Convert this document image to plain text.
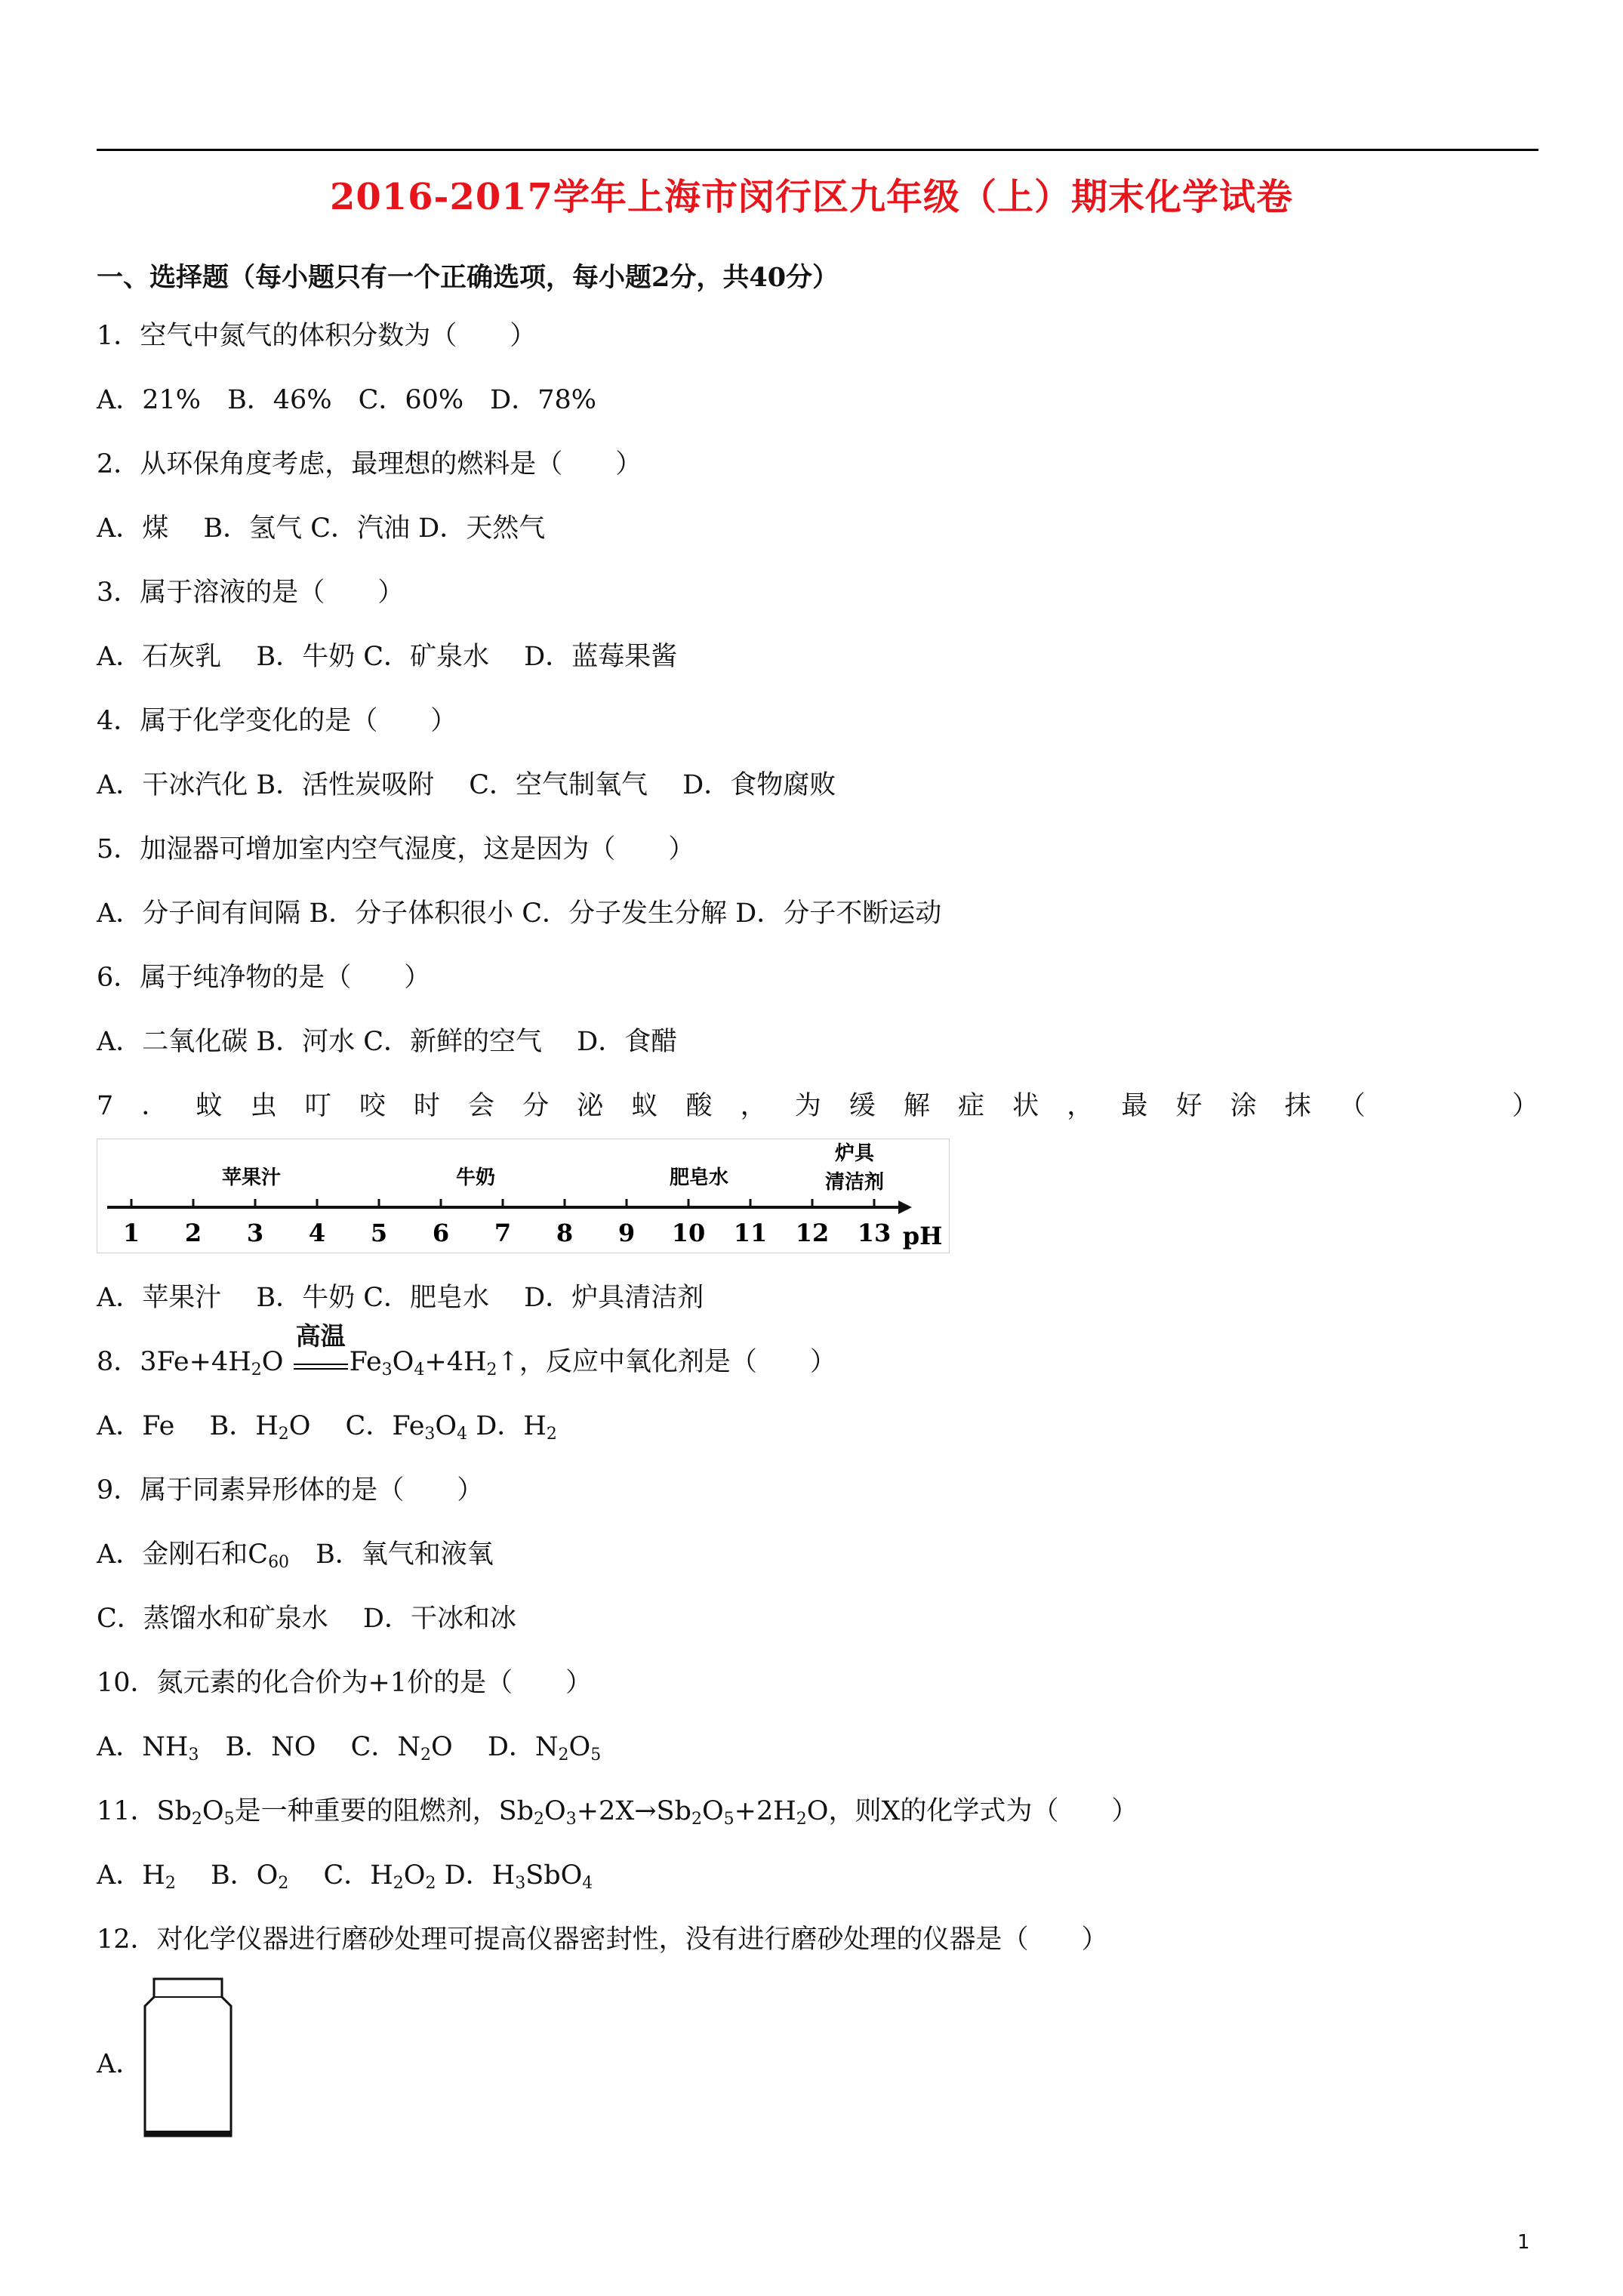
2016-2017学年上海市闵行区九年级（上）期末化学试卷
一、选择题（每小题只有一个正确选项，每小题2分，共40分）
1．空气中氮气的体积分数为（　　）
A．21%　B．46%　C．60%　D．78%
2．从环保角度考虑，最理想的燃料是（　　）
A．煤　 B．氢气 C．汽油 D．天然气
3．属于溶液的是（　　）
A．石灰乳　 B．牛奶 C．矿泉水　 D．蓝莓果酱
4．属于化学变化的是（　　）
A．干冰汽化 B．活性炭吸附　 C．空气制氧气　 D．食物腐败
5．加湿器可增加室内空气湿度，这是因为（　　）
A．分子间有间隔 B．分子体积很小 C．分子发生分解 D．分子不断运动
6．属于纯净物的是（　　）
A．二氧化碳 B．河水 C．新鲜的空气　 D．食醋
7 ． 蚊 虫 叮 咬 时 会 分 泌 蚁 酸 ， 为 缓 解 症 状 ， 最 好 涂 抹 （	）
1 2 3 4 5 6 7 8 9 10 11 12 13
苹果汁	牛奶	肥皂水
炉具
清洁剂
pH
A．苹果汁　 B．牛奶 C．肥皂水　 D．炉具清洁剂
8．$3Fe+4H_2O$
高温
$Fe_3O_4+4H_2↑$，反应中氧化剂是（　　）
A．Fe　 B．$H_2O$　 C．$Fe_3O_4$ D．$H_2$
9．属于同素异形体的是（　　）
A．金刚石和$C_{60}$　B．氧气和液氧
C．蒸馏水和矿泉水　 D．干冰和冰
10．氮元素的化合价为+1价的是（　　）
A．$NH_3$　B．NO　 C．$N_2O$　 D．$N_2O_5$
11．$Sb_2O_5$是一种重要的阻燃剂，$Sb_2O_3+2X\to Sb_2O_5+2H_2O$，则X的化学式为（　　）
A．$H_2$　 B．$O_2$　 C．$H_2O_2$ D．$H_3SbO_4$
12．对化学仪器进行磨砂处理可提高仪器密封性，没有进行磨砂处理的仪器是（　　）
A．
1
